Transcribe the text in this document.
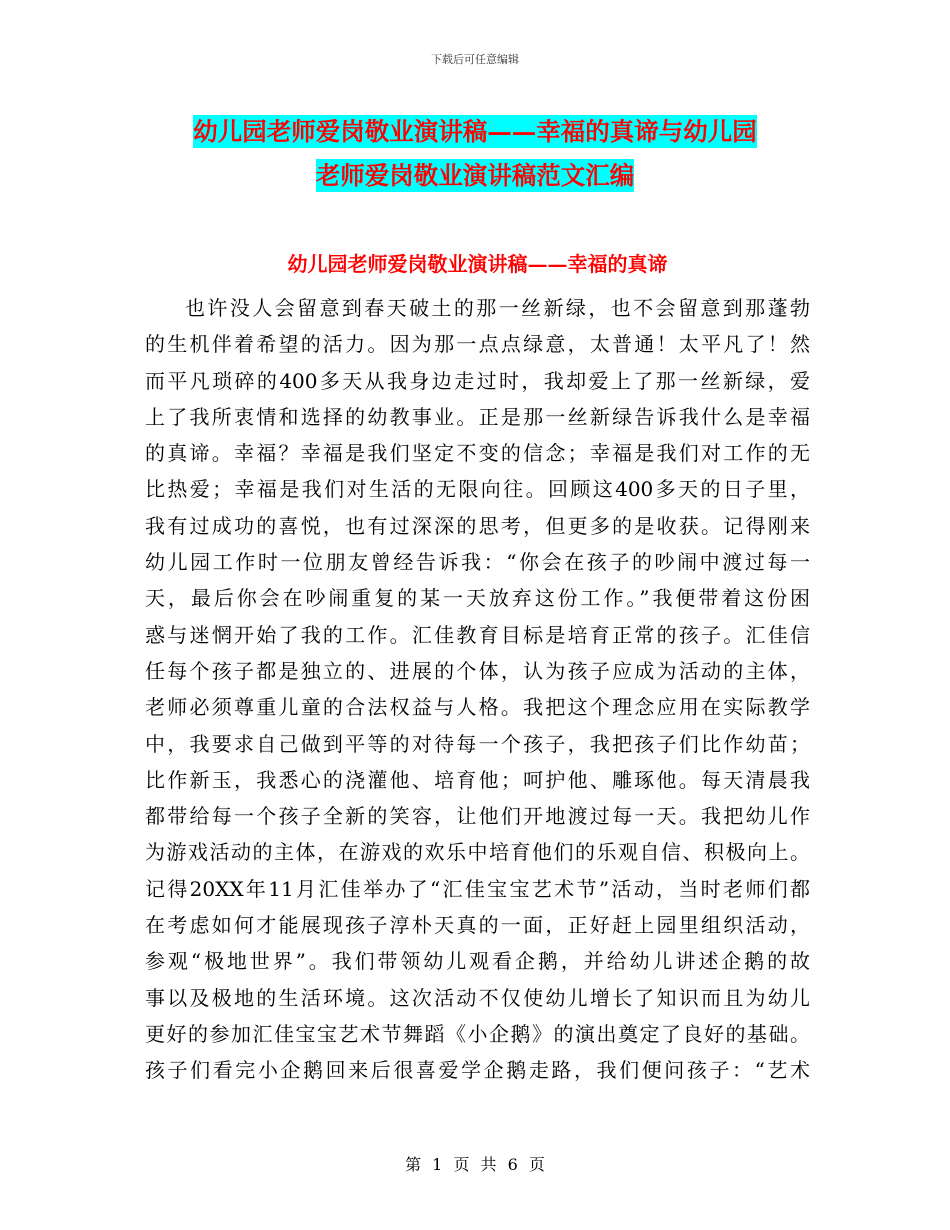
下载后可任意编辑
幼儿园老师爱岗敬业演讲稿——幸福的真谛与幼儿园
老师爱岗敬业演讲稿范文汇编
幼儿园老师爱岗敬业演讲稿——幸福的真谛
也许没人会留意到春天破土的那一丝新绿，也不会留意到那蓬勃
的生机伴着希望的活力。因为那一点点绿意，太普通！太平凡了！然
而平凡琐碎的400多天从我身边走过时，我却爱上了那一丝新绿，爱
上了我所衷情和选择的幼教事业。正是那一丝新绿告诉我什么是幸福
的真谛。幸福？幸福是我们坚定不变的信念；幸福是我们对工作的无
比热爱；幸福是我们对生活的无限向往。回顾这400多天的日子里，
我有过成功的喜悦，也有过深深的思考，但更多的是收获。记得刚来
幼儿园工作时一位朋友曾经告诉我：“你会在孩子的吵闹中渡过每一
天，最后你会在吵闹重复的某一天放弃这份工作。”我便带着这份困
惑与迷惘开始了我的工作。汇佳教育目标是培育正常的孩子。汇佳信
任每个孩子都是独立的、进展的个体，认为孩子应成为活动的主体，
老师必须尊重儿童的合法权益与人格。我把这个理念应用在实际教学
中，我要求自己做到平等的对待每一个孩子，我把孩子们比作幼苗；
比作新玉，我悉心的浇灌他、培育他；呵护他、雕琢他。每天清晨我
都带给每一个孩子全新的笑容，让他们开地渡过每一天。我把幼儿作
为游戏活动的主体，在游戏的欢乐中培育他们的乐观自信、积极向上。
记得20XX年11月汇佳举办了“汇佳宝宝艺术节”活动，当时老师们都
在考虑如何才能展现孩子淳朴天真的一面，正好赶上园里组织活动，
参观“极地世界”。我们带领幼儿观看企鹅，并给幼儿讲述企鹅的故
事以及极地的生活环境。这次活动不仅使幼儿增长了知识而且为幼儿
更好的参加汇佳宝宝艺术节舞蹈《小企鹅》的演出奠定了良好的基础。
孩子们看完小企鹅回来后很喜爱学企鹅走路，我们便问孩子：“艺术
第 1 页 共 6 页
